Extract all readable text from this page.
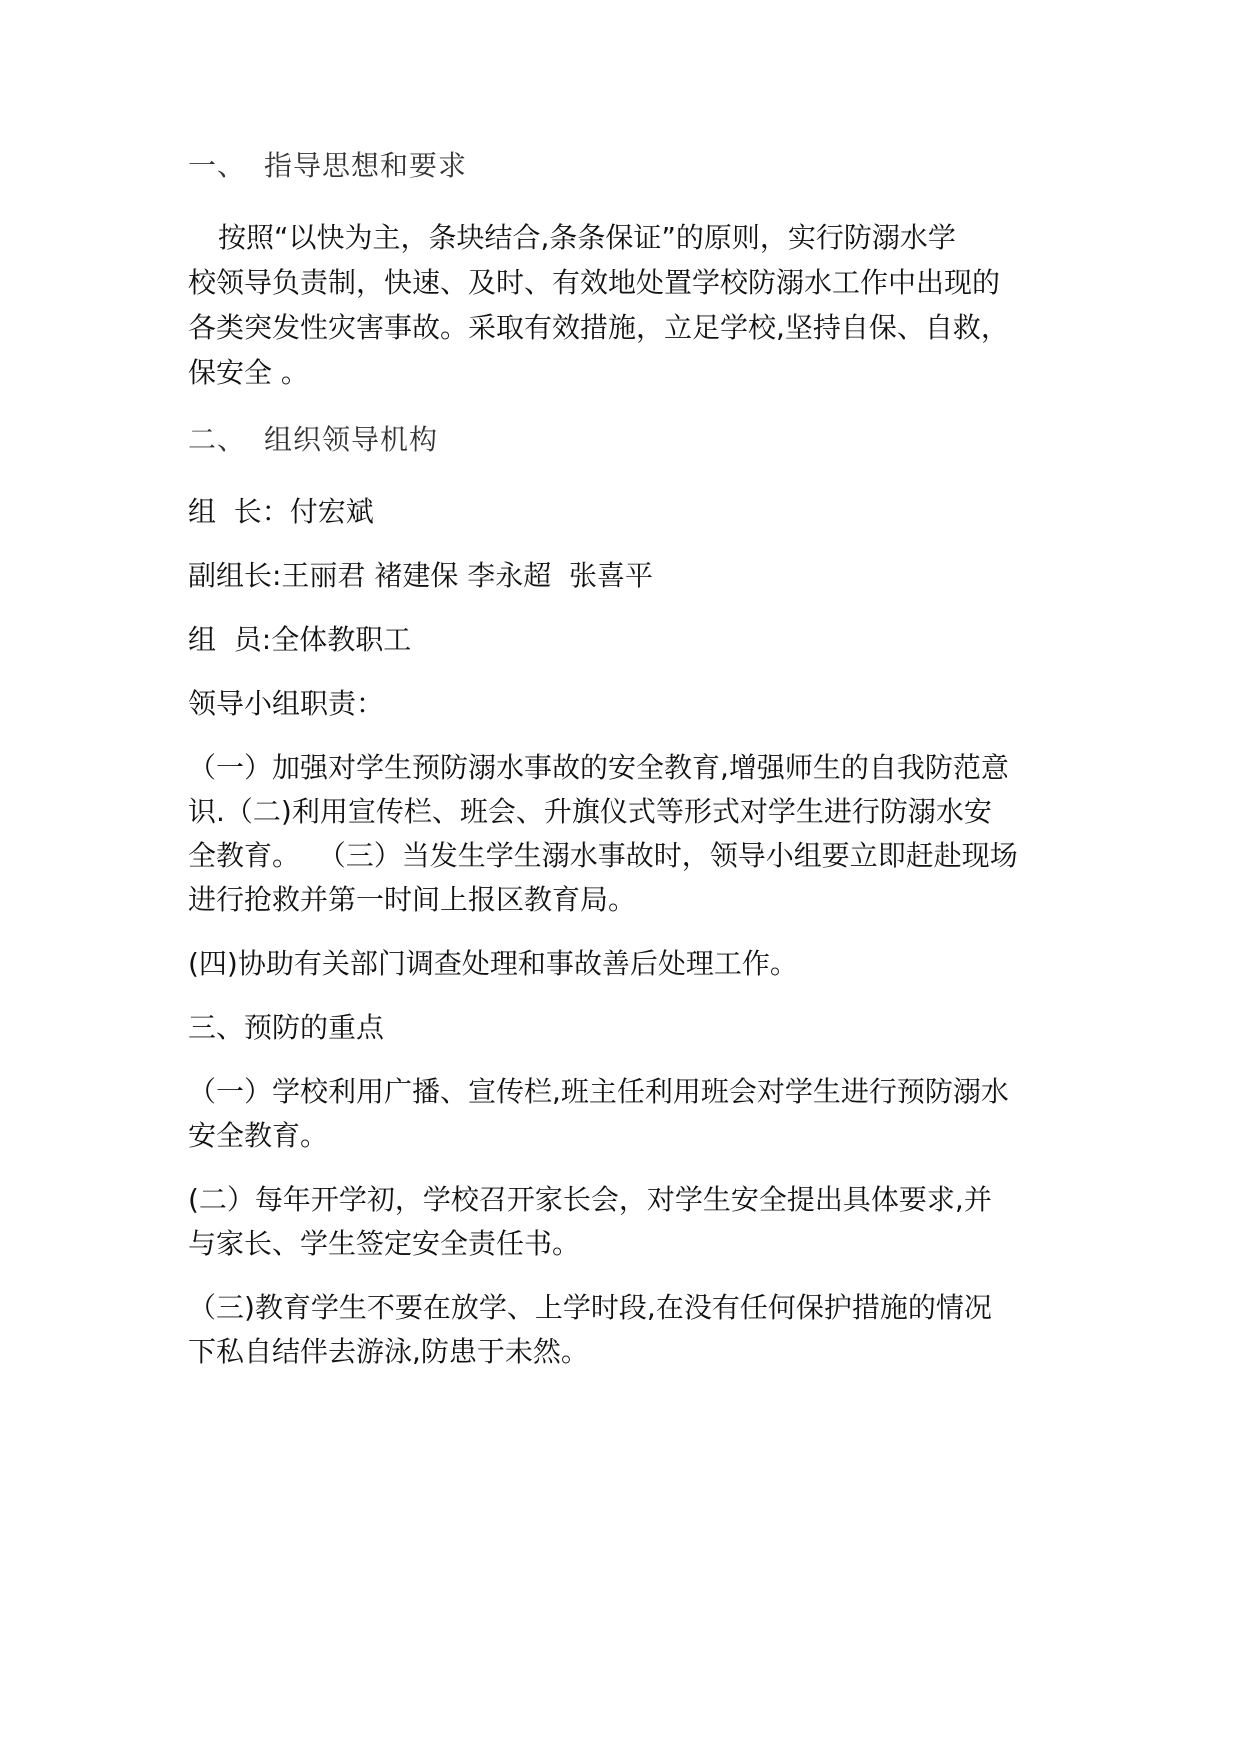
一、 指导思想和要求
按照“以快为主，条块结合,条条保证”的原则，实行防溺水学
校领导负责制，快速、及时、有效地处置学校防溺水工作中出现的
各类突发性灾害事故。采取有效措施，立足学校,坚持自保、自救，
保安全 。
二、 组织领导机构
组  长：付宏斌
副组长:王丽君 褚建保 李永超  张喜平
组  员:全体教职工
领导小组职责：
（一）加强对学生预防溺水事故的安全教育,增强师生的自我防范意
识.（二)利用宣传栏、班会、升旗仪式等形式对学生进行防溺水安
全教育。  （三）当发生学生溺水事故时，领导小组要立即赶赴现场
进行抢救并第一时间上报区教育局。
(四)协助有关部门调查处理和事故善后处理工作。
三、预防的重点
（一）学校利用广播、宣传栏,班主任利用班会对学生进行预防溺水
安全教育。
(二）每年开学初，学校召开家长会，对学生安全提出具体要求,并
与家长、学生签定安全责任书。
（三)教育学生不要在放学、上学时段,在没有任何保护措施的情况
下私自结伴去游泳,防患于未然。
